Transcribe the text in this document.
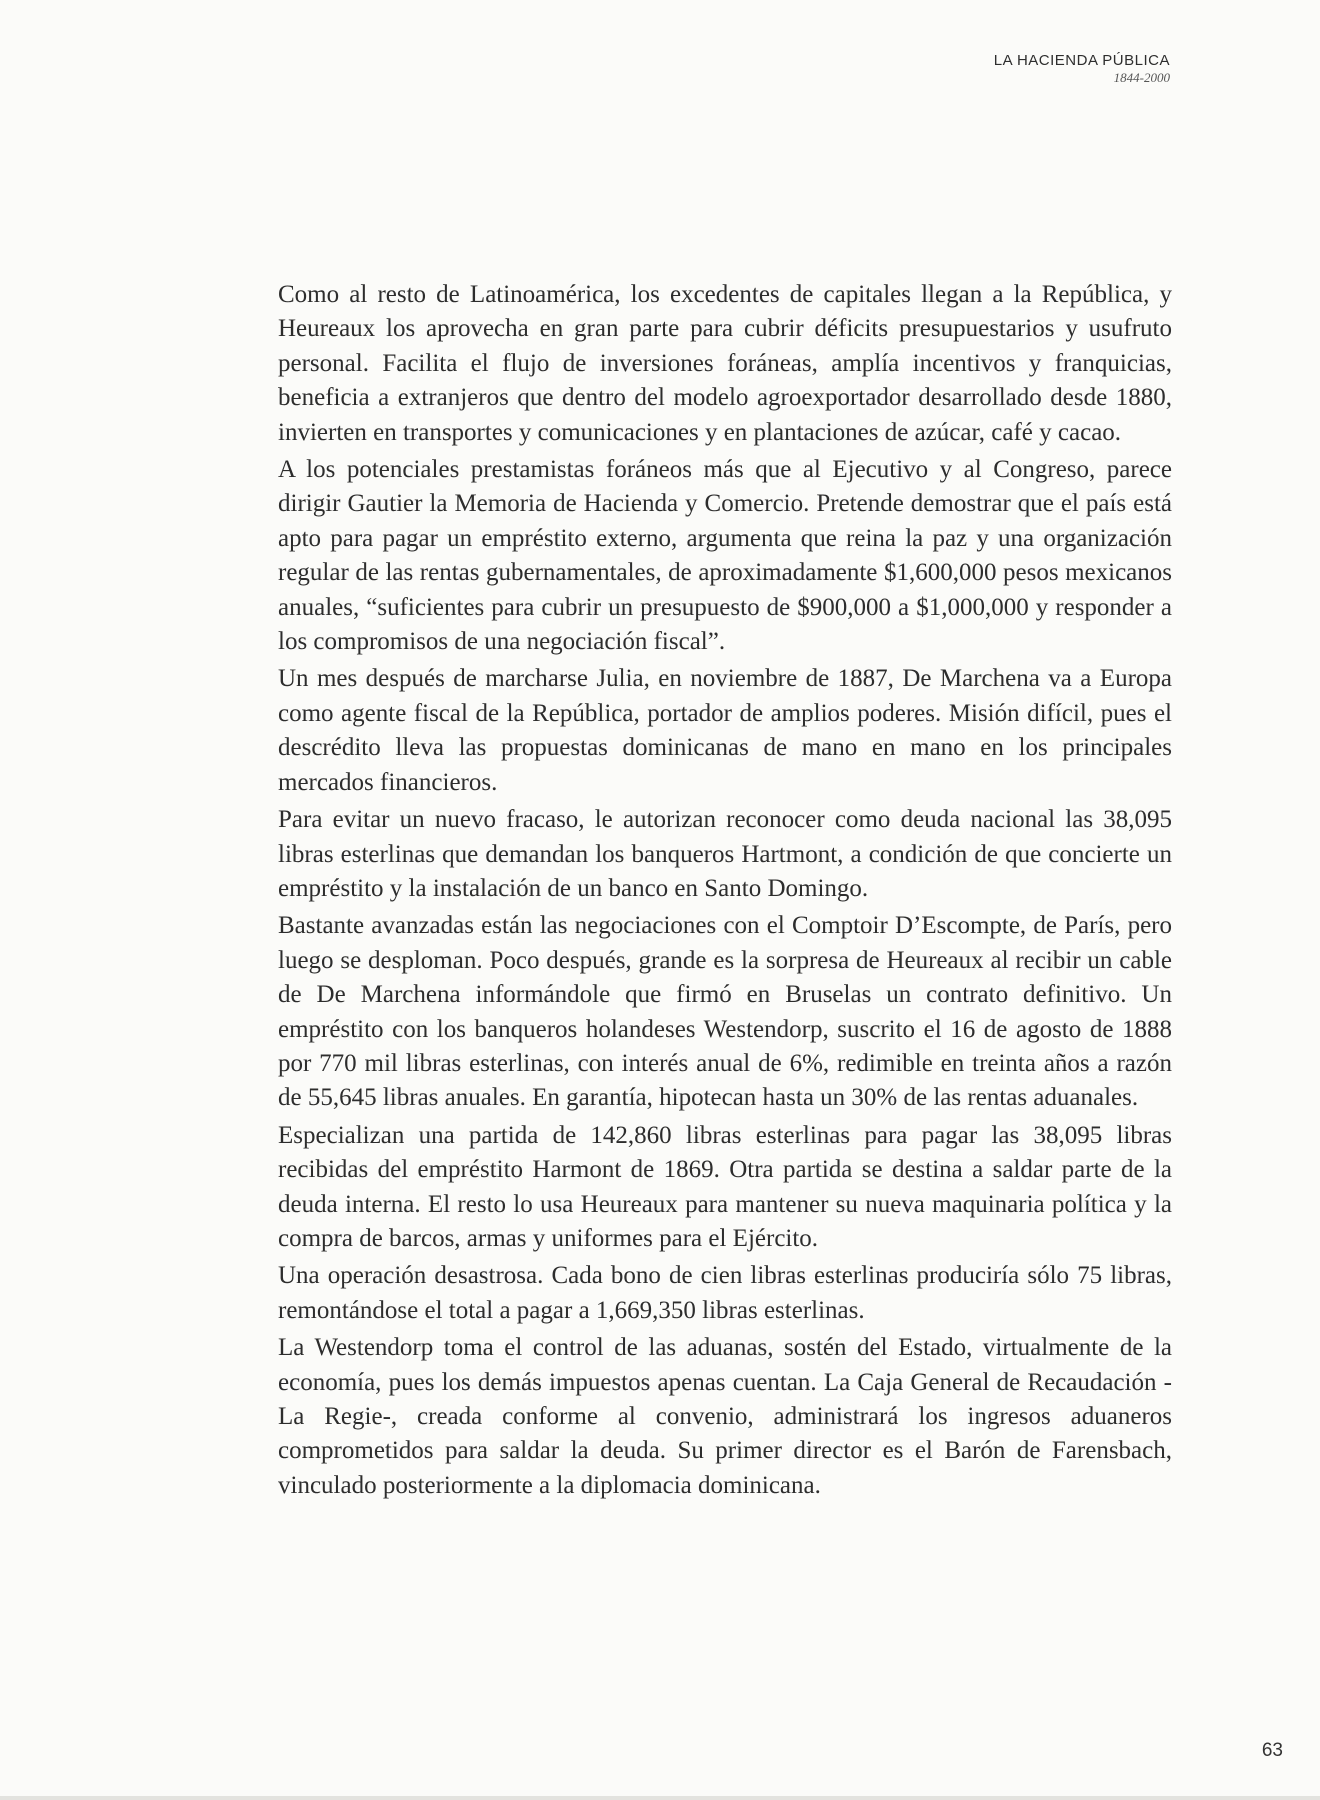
LA HACIENDA PÚBLICA
1844-2000

Como al resto de Latinoamérica, los excedentes de capitales llegan a la República, y Heureaux los aprovecha en gran parte para cubrir déficits presupuestarios y usufruto personal. Facilita el flujo de inversiones foráneas, amplía incentivos y franquicias, beneficia a extranjeros que dentro del modelo agroexportador desarrollado desde 1880, invierten en transportes y comunicaciones y en plantaciones de azúcar, café y cacao.

A los potenciales prestamistas foráneos más que al Ejecutivo y al Congreso, parece dirigir Gautier la Memoria de Hacienda y Comercio. Pretende demostrar que el país está apto para pagar un empréstito externo, argumenta que reina la paz y una organización regular de las rentas gubernamentales, de aproximadamente $1,600,000 pesos mexicanos anuales, “suficientes para cubrir un presupuesto de $900,000 a $1,000,000 y responder a los compromisos de una negociación fiscal”.

Un mes después de marcharse Julia, en noviembre de 1887, De Marchena va a Europa como agente fiscal de la República, portador de amplios poderes. Misión difícil, pues el descrédito lleva las propuestas dominicanas de mano en mano en los principales mercados financieros.

Para evitar un nuevo fracaso, le autorizan reconocer como deuda nacional las 38,095 libras esterlinas que demandan los banqueros Hartmont, a condición de que concierte un empréstito y la instalación de un banco en Santo Domingo.

Bastante avanzadas están las negociaciones con el Comptoir D’Escompte, de París, pero luego se desploman. Poco después, grande es la sorpresa de Heureaux al recibir un cable de De Marchena informándole que firmó en Bruselas un contrato definitivo. Un empréstito con los banqueros holandeses Westendorp, suscrito el 16 de agosto de 1888 por 770 mil libras esterlinas, con interés anual de 6%, redimible en treinta años a razón de 55,645 libras anuales. En garantía, hipotecan hasta un 30% de las rentas aduanales.

Especializan una partida de 142,860 libras esterlinas para pagar las 38,095 libras recibidas del empréstito Harmont de 1869. Otra partida se destina a saldar parte de la deuda interna. El resto lo usa Heureaux para mantener su nueva maquinaria política y la compra de barcos, armas y uniformes para el Ejército.

Una operación desastrosa. Cada bono de cien libras esterlinas produciría sólo 75 libras, remontándose el total a pagar a 1,669,350 libras esterlinas.

La Westendorp toma el control de las aduanas, sostén del Estado, virtualmente de la economía, pues los demás impuestos apenas cuentan. La Caja General de Recaudación -La Regie-, creada conforme al convenio, administrará los ingresos aduaneros comprometidos para saldar la deuda. Su primer director es el Barón de Farensbach, vinculado posteriormente a la diplomacia dominicana.

63
